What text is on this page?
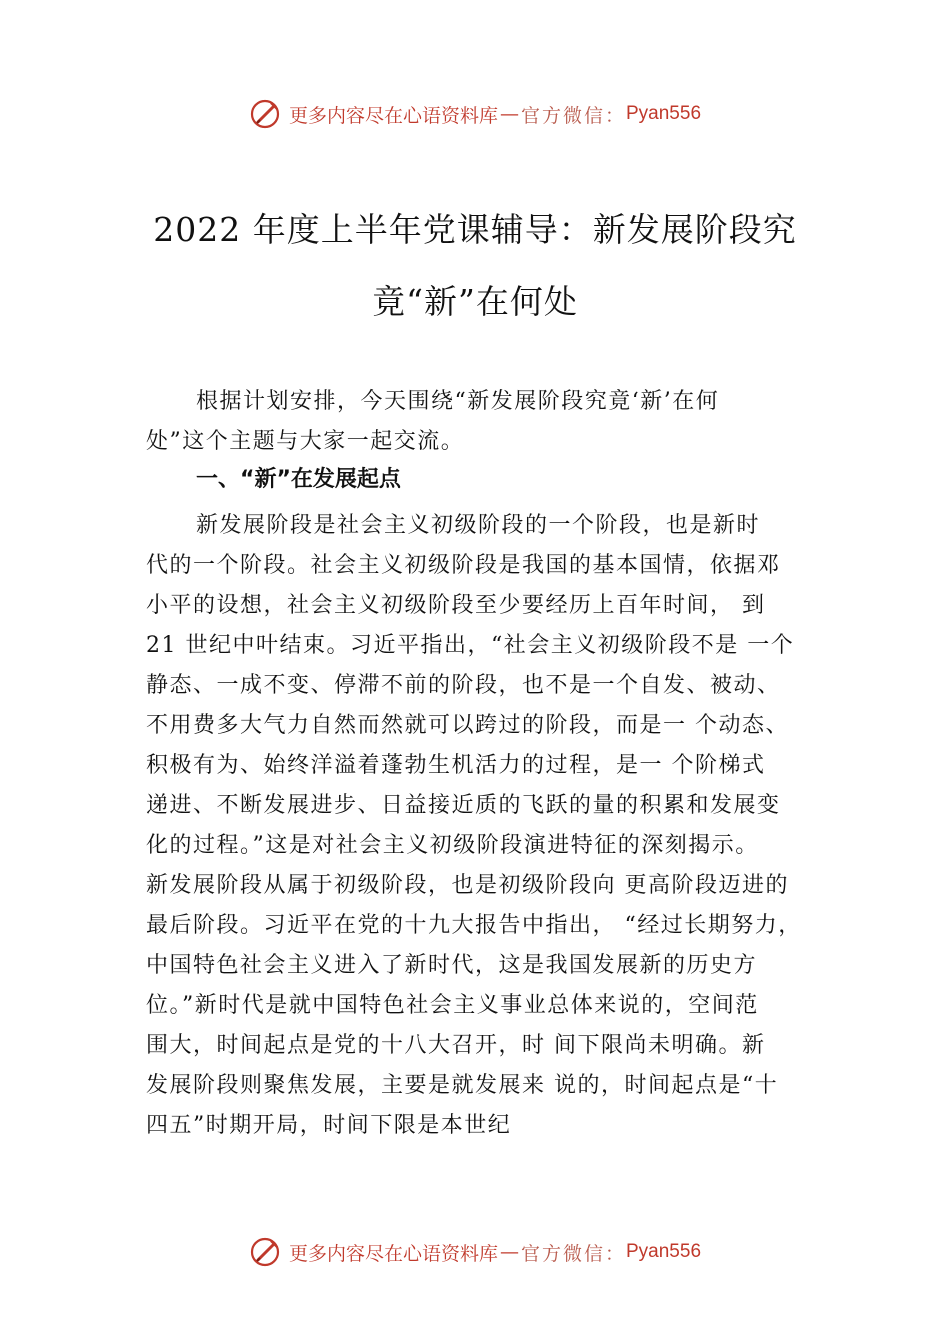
更多内容尽在心语资料库 — 官方微信： Pyan556
2022 年度上半年党课辅导：新发展阶段究
竟“新”在何处
根据计划安排，今天围绕“新发展阶段究竟‘新’在何
处”这个主题与大家一起交流。
一、“新”在发展起点
新发展阶段是社会主义初级阶段的一个阶段，也是新时
代的一个阶段。社会主义初级阶段是我国的基本国情，依据邓
小平的设想，社会主义初级阶段至少要经历上百年时间， 到
21 世纪中叶结束。习近平指出，“社会主义初级阶段不是 一个
静态、一成不变、停滞不前的阶段，也不是一个自发、被动、
不用费多大气力自然而然就可以跨过的阶段，而是一 个动态、
积极有为、始终洋溢着蓬勃生机活力的过程，是一 个阶梯式
递进、不断发展进步、日益接近质的飞跃的量的积累和发展变
化的过程。”这是对社会主义初级阶段演进特征的深刻揭示。
新发展阶段从属于初级阶段，也是初级阶段向 更高阶段迈进的
最后阶段。习近平在党的十九大报告中指出， “经过长期努力，
中国特色社会主义进入了新时代，这是我国发展新的历史方
位。”新时代是就中国特色社会主义事业总体来说的，空间范
围大，时间起点是党的十八大召开，时 间下限尚未明确。新
发展阶段则聚焦发展，主要是就发展来 说的，时间起点是“十
四五”时期开局，时间下限是本世纪
更多内容尽在心语资料库 — 官方微信： Pyan556
